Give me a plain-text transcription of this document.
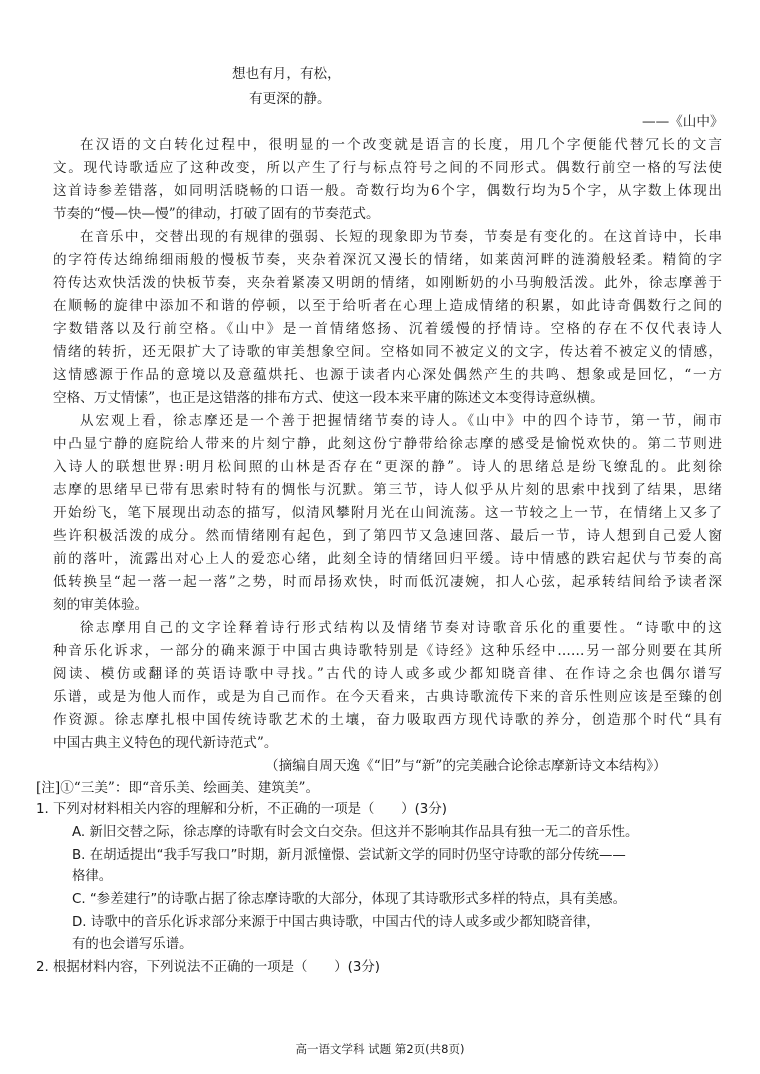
想也有月，有松，
有更深的静。
——《山中》
在汉语的文白转化过程中，很明显的一个改变就是语言的长度，用几个字便能代替冗长的文言
文。现代诗歌适应了这种改变，所以产生了行与标点符号之间的不同形式。偶数行前空一格的写法使
这首诗参差错落，如同明活晓畅的口语一般。奇数行均为6个字，偶数行均为5个字，从字数上体现出
节奏的“慢—快—慢”的律动，打破了固有的节奏范式。
在音乐中，交替出现的有规律的强弱、长短的现象即为节奏，节奏是有变化的。在这首诗中，长串
的字符传达绵绵细雨般的慢板节奏，夹杂着深沉又漫长的情绪，如莱茵河畔的涟漪般轻柔。精简的字
符传达欢快活泼的快板节奏，夹杂着紧凑又明朗的情绪，如刚断奶的小马驹般活泼。此外，徐志摩善于
在顺畅的旋律中添加不和谐的停顿，以至于给听者在心理上造成情绪的积累，如此诗奇偶数行之间的
字数错落以及行前空格。《山中》是一首情绪悠扬、沉着缓慢的抒情诗。空格的存在不仅代表诗人
情绪的转折，还无限扩大了诗歌的审美想象空间。空格如同不被定义的文字，传达着不被定义的情感，
这情感源于作品的意境以及意蕴烘托、也源于读者内心深处偶然产生的共鸣、想象或是回忆，“一方
空格、万丈情愫”，也正是这错落的排布方式、使这一段本来平庸的陈述文本变得诗意纵横。
从宏观上看，徐志摩还是一个善于把握情绪节奏的诗人。《山中》中的四个诗节，第一节，闹市
中凸显宁静的庭院给人带来的片刻宁静，此刻这份宁静带给徐志摩的感受是愉悦欢快的。第二节则进
入诗人的联想世界:明月松间照的山林是否存在“更深的静”。诗人的思绪总是纷飞缭乱的。此刻徐
志摩的思绪早已带有思索时特有的惆怅与沉默。第三节，诗人似乎从片刻的思索中找到了结果，思绪
开始纷飞，笔下展现出动态的描写，似清风攀附月光在山间流荡。这一节较之上一节，在情绪上又多了
些许积极活泼的成分。然而情绪刚有起色，到了第四节又急速回落、最后一节，诗人想到自己爱人窗
前的落叶，流露出对心上人的爱恋心绪，此刻全诗的情绪回归平缓。诗中情感的跌宕起伏与节奏的高
低转换呈“起一落一起一落”之势，时而昂扬欢快，时而低沉凄婉，扣人心弦，起承转结间给予读者深
刻的审美体验。
徐志摩用自己的文字诠释着诗行形式结构以及情绪节奏对诗歌音乐化的重要性。“诗歌中的这
种音乐化诉求，一部分的确来源于中国古典诗歌特别是《诗经》这种乐经中……另一部分则要在其所
阅读、模仿或翻译的英语诗歌中寻找。”古代的诗人或多或少都知晓音律、在作诗之余也偶尔谱写
乐谱，或是为他人而作，或是为自己而作。在今天看来，古典诗歌流传下来的音乐性则应该是至臻的创
作资源。徐志摩扎根中国传统诗歌艺术的土壤，奋力吸取西方现代诗歌的养分，创造那个时代“具有
中国古典主义特色的现代新诗范式”。
（摘编自周天逸《“旧”与“新”的完美融合论徐志摩新诗文本结构》）
[注]①“三美”：即“音乐美、绘画美、建筑美”。
1. 下列对材料相关内容的理解和分析，不正确的一项是（　　）(3分)
A. 新旧交替之际，徐志摩的诗歌有时会文白交杂。但这并不影响其作品具有独一无二的音乐性。
B. 在胡适提出“我手写我口”时期，新月派憧憬、尝试新文学的同时仍坚守诗歌的部分传统——
格律。
C. “参差建行”的诗歌占据了徐志摩诗歌的大部分，体现了其诗歌形式多样的特点，具有美感。
D. 诗歌中的音乐化诉求部分来源于中国古典诗歌，中国古代的诗人或多或少都知晓音律，
有的也会谱写乐谱。
2. 根据材料内容，下列说法不正确的一项是（　　）(3分)
高一语文学科 试题 第2页(共8页)
